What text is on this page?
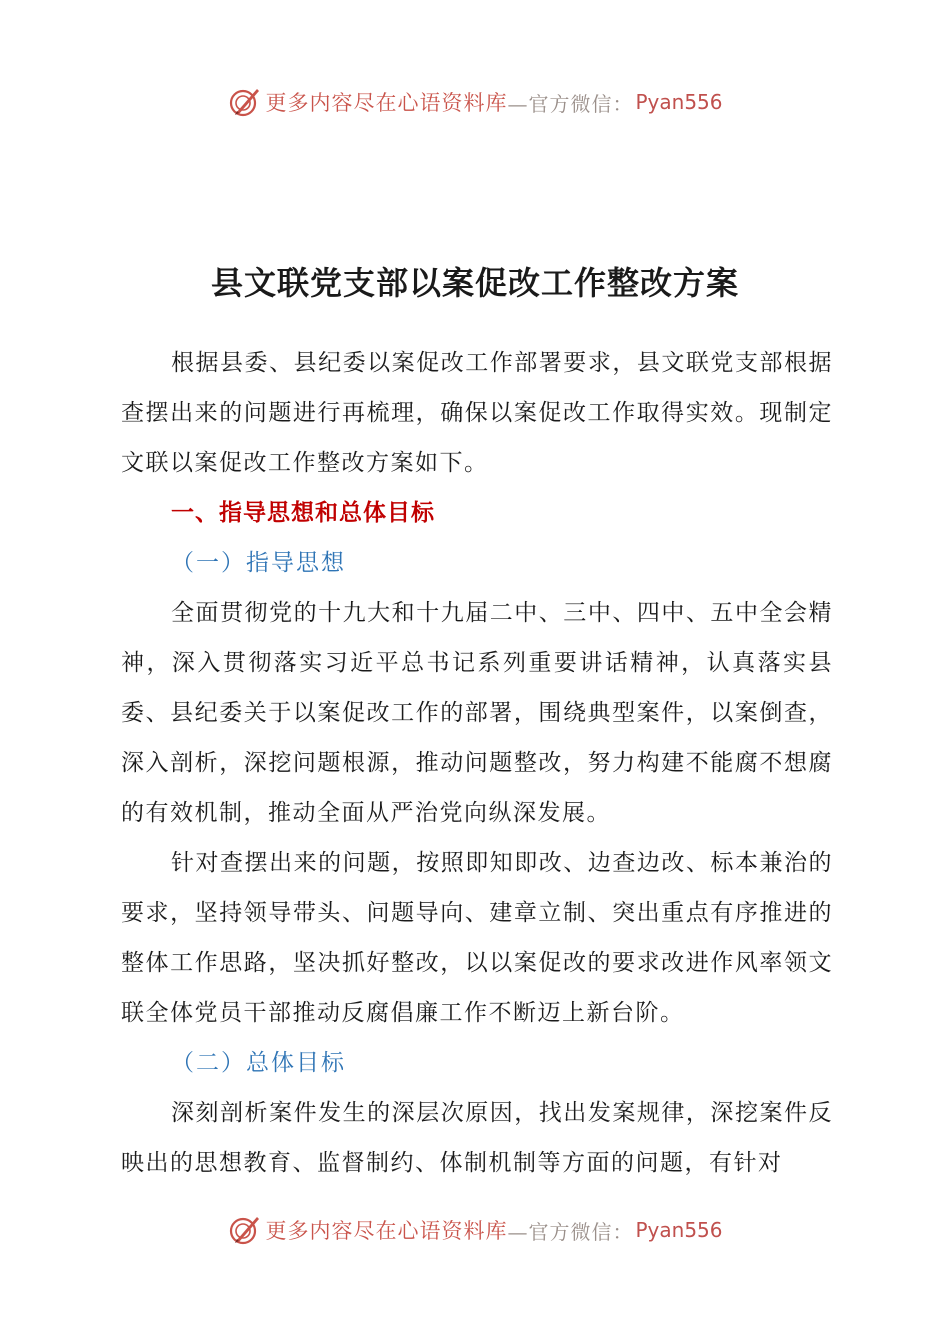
更多内容尽在心语资料库 —官方微信： Pyan556
县文联党支部以案促改工作整改方案

根据县委、县纪委以案促改工作部署要求，县文联党支部根据查摆出来的问题进行再梳理，确保以案促改工作取得实效。现制定文联以案促改工作整改方案如下。

一、指导思想和总体目标
（一）指导思想

全面贯彻党的十九大和十九届二中、三中、四中、五中全会精神，深入贯彻落实习近平总书记系列重要讲话精神，认真落实县委、县纪委关于以案促改工作的部署，围绕典型案件，以案倒查，深入剖析，深挖问题根源，推动问题整改，努力构建不能腐不想腐的有效机制，推动全面从严治党向纵深发展。

针对查摆出来的问题，按照即知即改、边查边改、标本兼治的要求，坚持领导带头、问题导向、建章立制、突出重点有序推进的整体工作思路，坚决抓好整改，以以案促改的要求改进作风率领文联全体党员干部推动反腐倡廉工作不断迈上新台阶。

（二）总体目标

深刻剖析案件发生的深层次原因，找出发案规律，深挖案件反映出的思想教育、监督制约、体制机制等方面的问题，有针对

更多内容尽在心语资料库 —官方微信： Pyan556
